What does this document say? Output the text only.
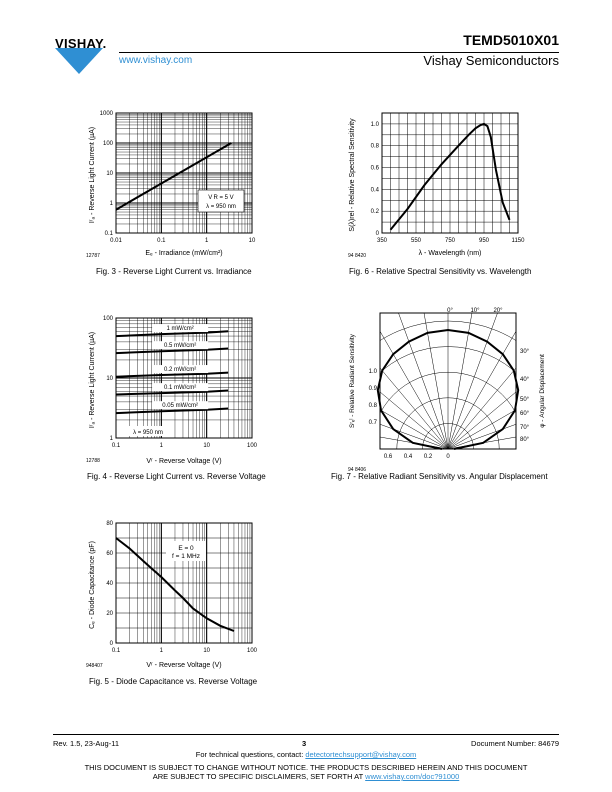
VISHAY.
www.vishay.com
TEMD5010X01
Vishay Semiconductors
0.01	0.1	1	10
0.1
1
10
100
1000
V R = 5 V
λ = 950 nm
Eₑ - Irradiance (mW/cm²)
Iʳₐ - Reverse Light Current (µA)
12787
Fig. 3 - Reverse Light Current vs. Irradiance
350	550	750	950	1150
0
0.2
0.4
0.6
0.8
1.0
λ - Wavelength (nm)
S(λ)rel - Relative Spectral Sensitivity
94 8420
Fig. 6 - Relative Spectral Sensitivity vs. Wavelength
0.1	1	10	100
1
10
100
1 mW/cm²
0.5 mW/cm²
0.2 mW/cm²
0.1 mW/cm²
0.05 mW/cm²
λ = 950 nm
Vʳ - Reverse Voltage (V)
Iʳₐ - Reverse Light Current (µA)
12788
Fig. 4 - Reverse Light Current vs. Reverse Voltage
0.7
0.8
0.9
1.0
0.6 0.4 0.2 0
0°	10° 20°
30°
40°
50°
60°
70°
80°
Sʳₑˡ - Relative Radiant Sensitivity	φ - Angular Displacement
94 8406
Fig. 7 - Relative Radiant Sensitivity vs. Angular Displacement
0.1	1	10	100
0
20
40
60
80
E = 0
f = 1 MHz
Vʳ - Reverse Voltage (V)
Cₑ - Diode Capacitance (pF)
948407
Fig. 5 - Diode Capacitance vs. Reverse Voltage
Rev. 1.5, 23-Aug-11	3	Document Number: 84679
For technical questions, contact: detectortechsupport@vishay.com
THIS DOCUMENT IS SUBJECT TO CHANGE WITHOUT NOTICE. THE PRODUCTS DESCRIBED HEREIN AND THIS DOCUMENT
ARE SUBJECT TO SPECIFIC DISCLAIMERS, SET FORTH AT www.vishay.com/doc?91000
